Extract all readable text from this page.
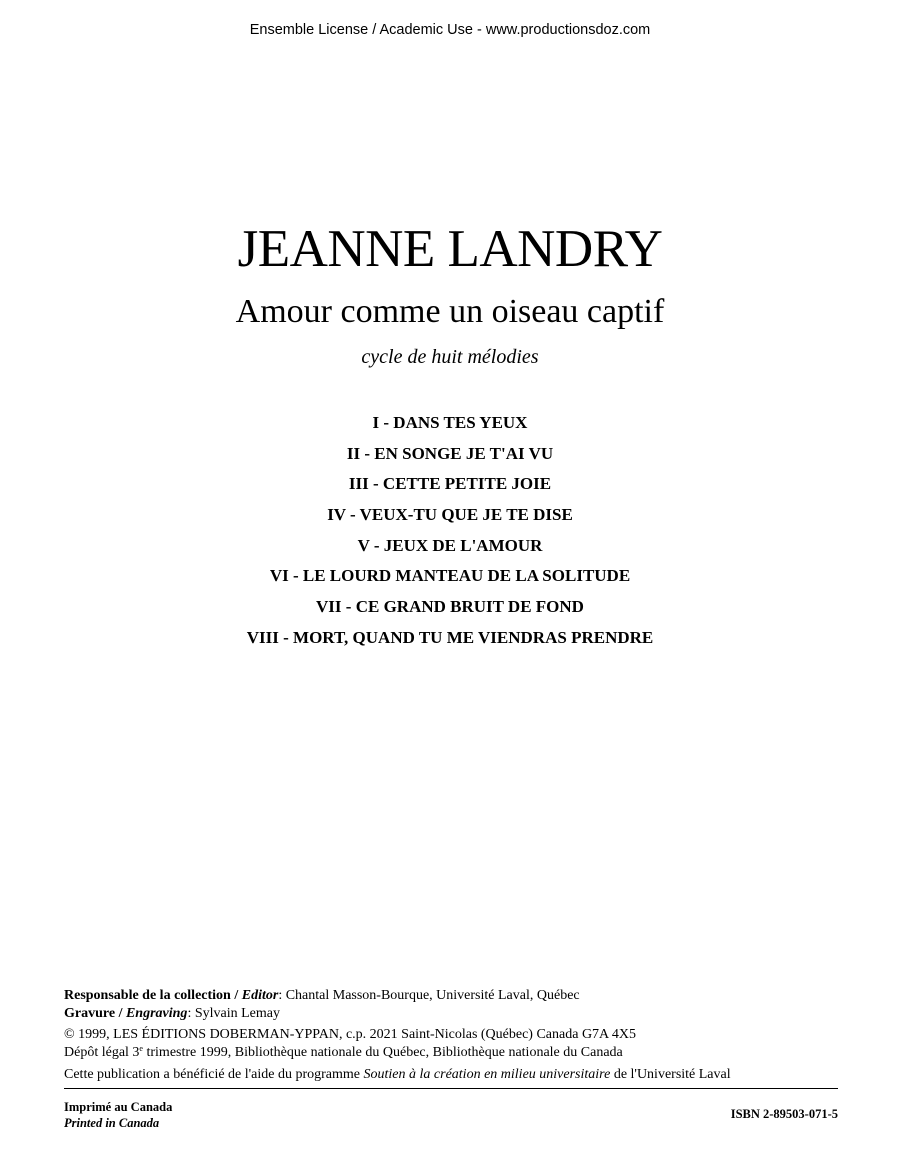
Ensemble License / Academic Use - www.productionsdoz.com
JEANNE LANDRY
Amour comme un oiseau captif
cycle de huit mélodies
I - DANS TES YEUX
II - EN SONGE JE T'AI VU
III - CETTE PETITE JOIE
IV - VEUX-TU QUE JE TE DISE
V - JEUX DE L'AMOUR
VI - LE LOURD MANTEAU DE LA SOLITUDE
VII - CE GRAND BRUIT DE FOND
VIII - MORT, QUAND TU ME VIENDRAS PRENDRE
Responsable de la collection / Editor: Chantal Masson-Bourque, Université Laval, Québec
Gravure / Engraving: Sylvain Lemay
© 1999, LES ÉDITIONS DOBERMAN-YPPAN, c.p. 2021 Saint-Nicolas (Québec) Canada G7A 4X5
Dépôt légal 3e trimestre 1999, Bibliothèque nationale du Québec, Bibliothèque nationale du Canada
Cette publication a bénéficié de l'aide du programme Soutien à la création en milieu universitaire de l'Université Laval
Imprimé au Canada
Printed in Canada
ISBN 2-89503-071-5
